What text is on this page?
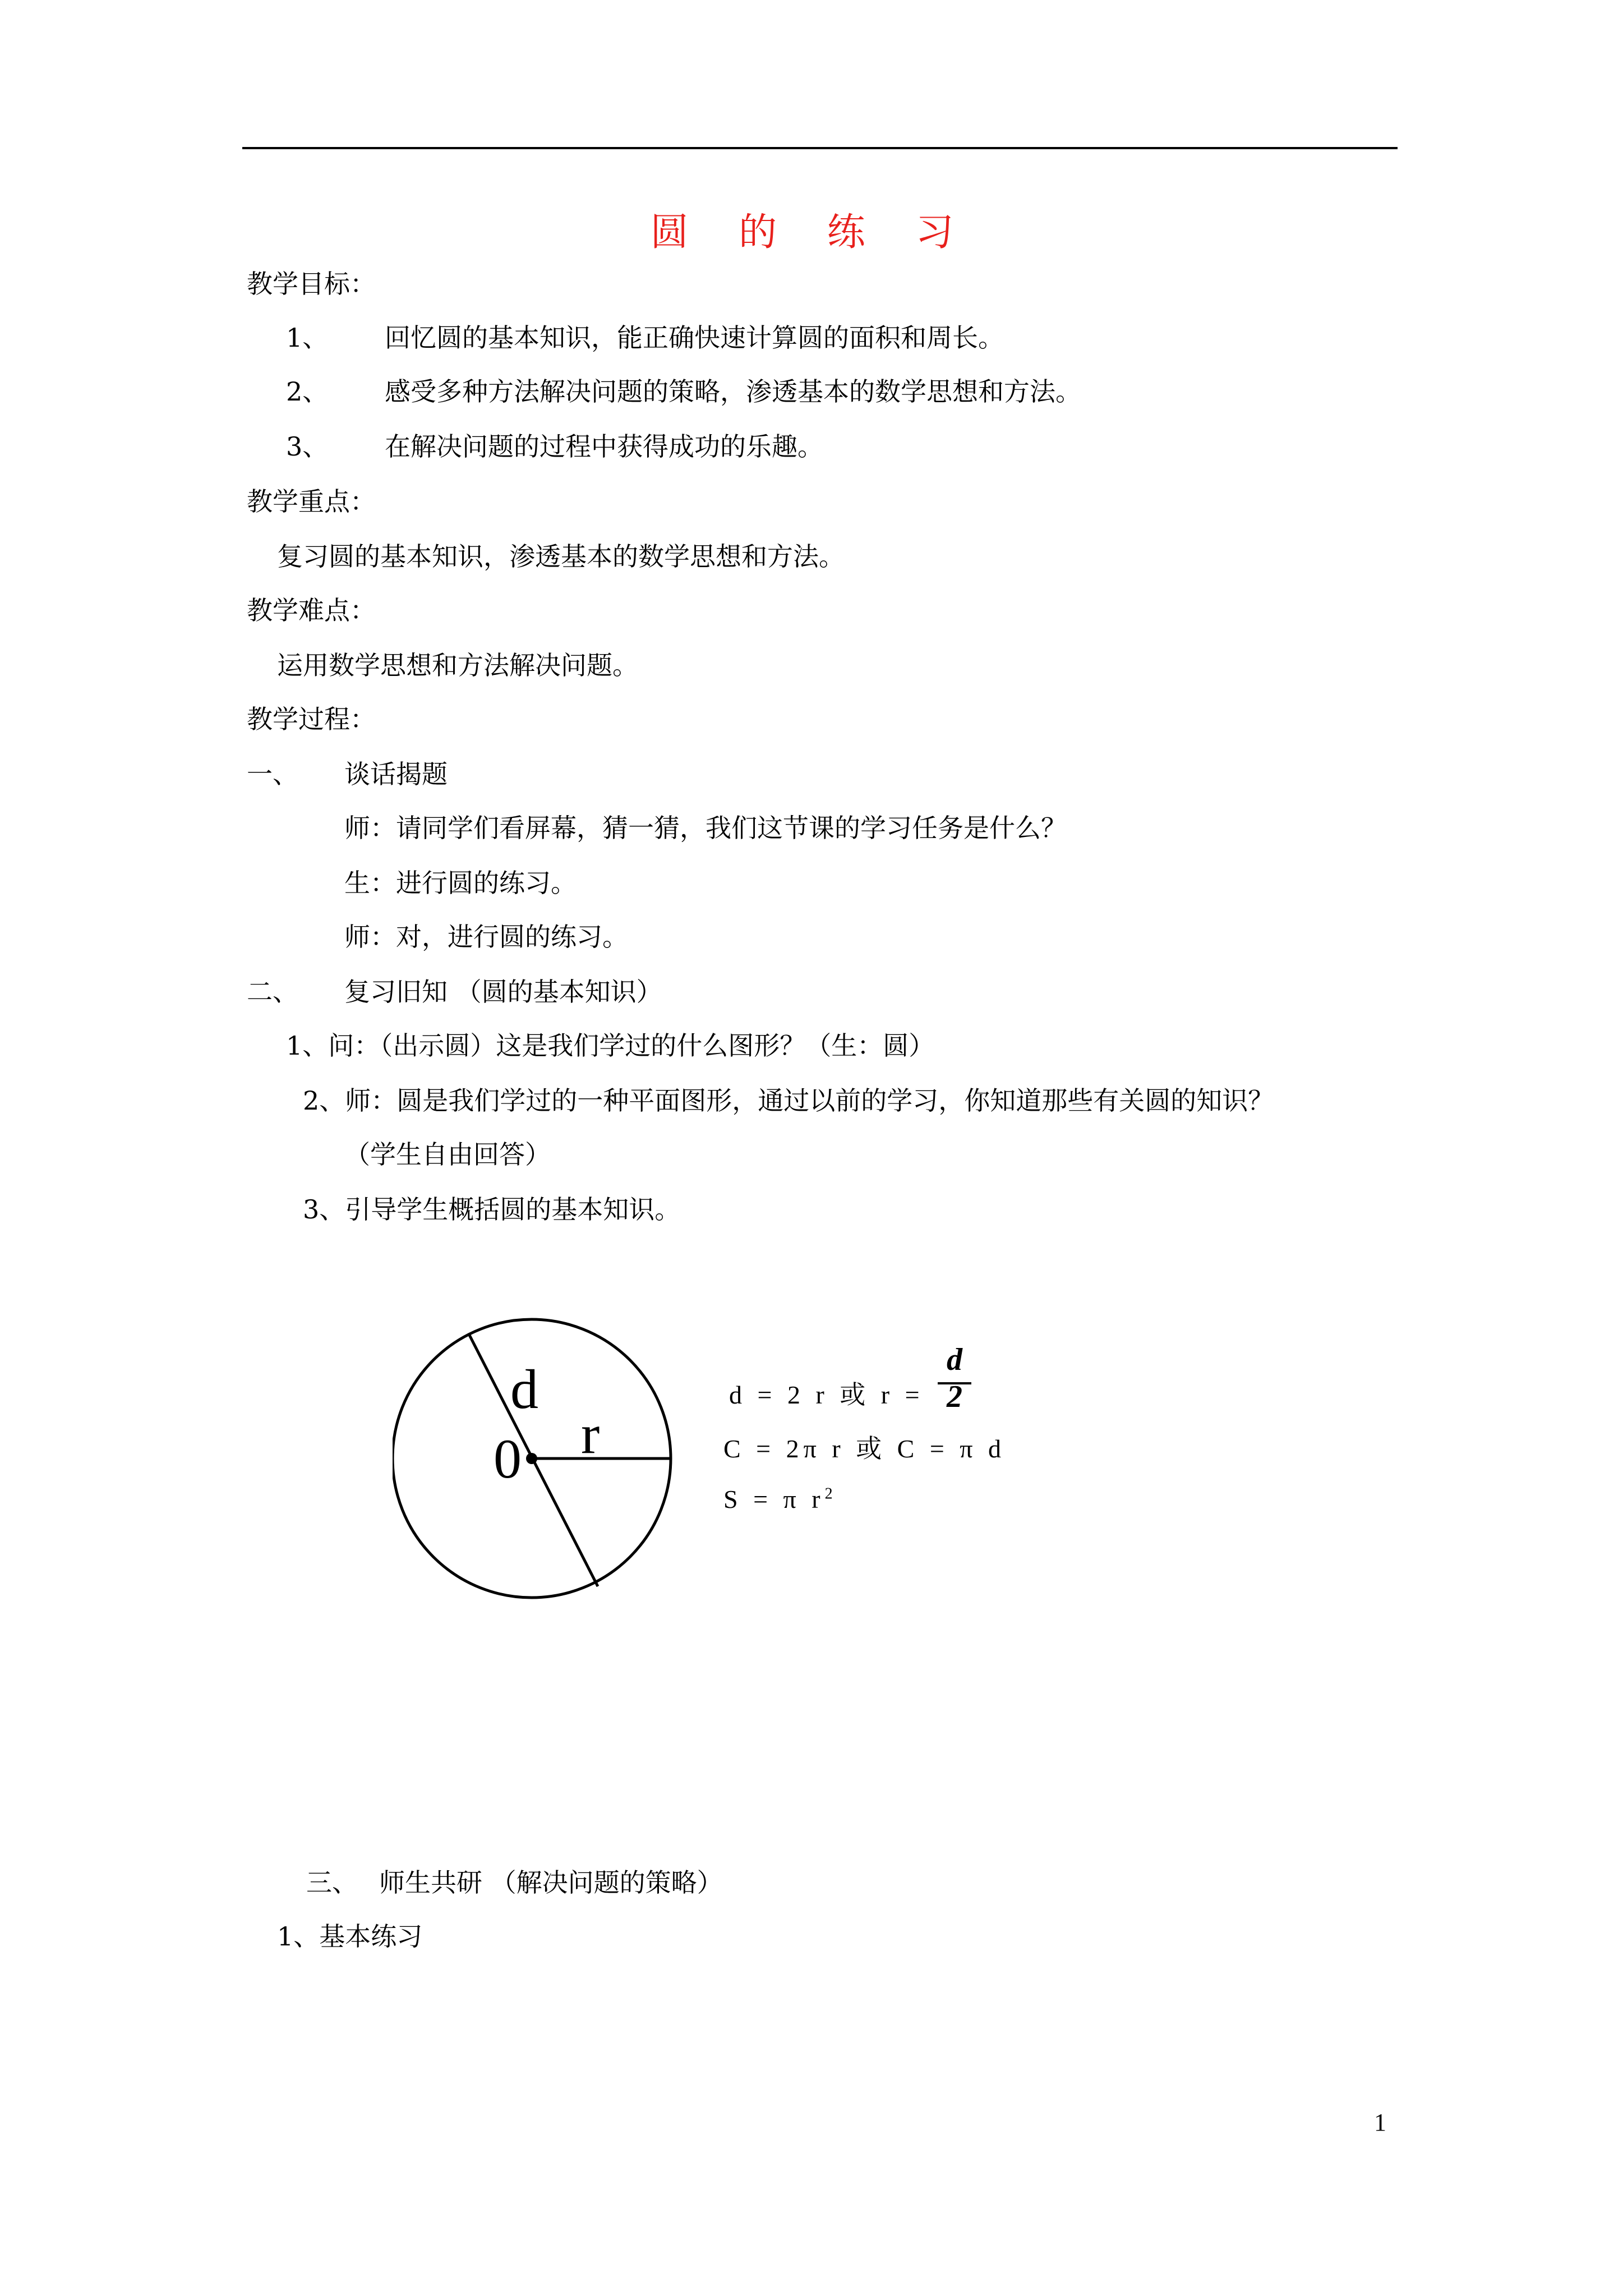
圆 的 练 习
教学目标：
1、 回忆圆的基本知识，能正确快速计算圆的面积和周长。
2、 感受多种方法解决问题的策略，渗透基本的数学思想和方法。
3、 在解决问题的过程中获得成功的乐趣。
教学重点：
复习圆的基本知识，渗透基本的数学思想和方法。
教学难点：
运用数学思想和方法解决问题。
教学过程：
一、 谈话揭题
师：请同学们看屏幕，猜一猜，我们这节课的学习任务是什么？
生：进行圆的练习。
师：对，进行圆的练习。
二、 复习旧知 （圆的基本知识）
1、问：（出示圆）这是我们学过的什么图形？（生：圆）
2、师：圆是我们学过的一种平面图形，通过以前的学习，你知道那些有关圆的知识？
（学生自由回答）
3、引导学生概括圆的基本知识。
d
r
0
d = 2 r 或 r =
d
2
C = 2π r 或 C = π d
S = π $r^2$
三、 师生共研 （解决问题的策略）
1、基本练习
1
